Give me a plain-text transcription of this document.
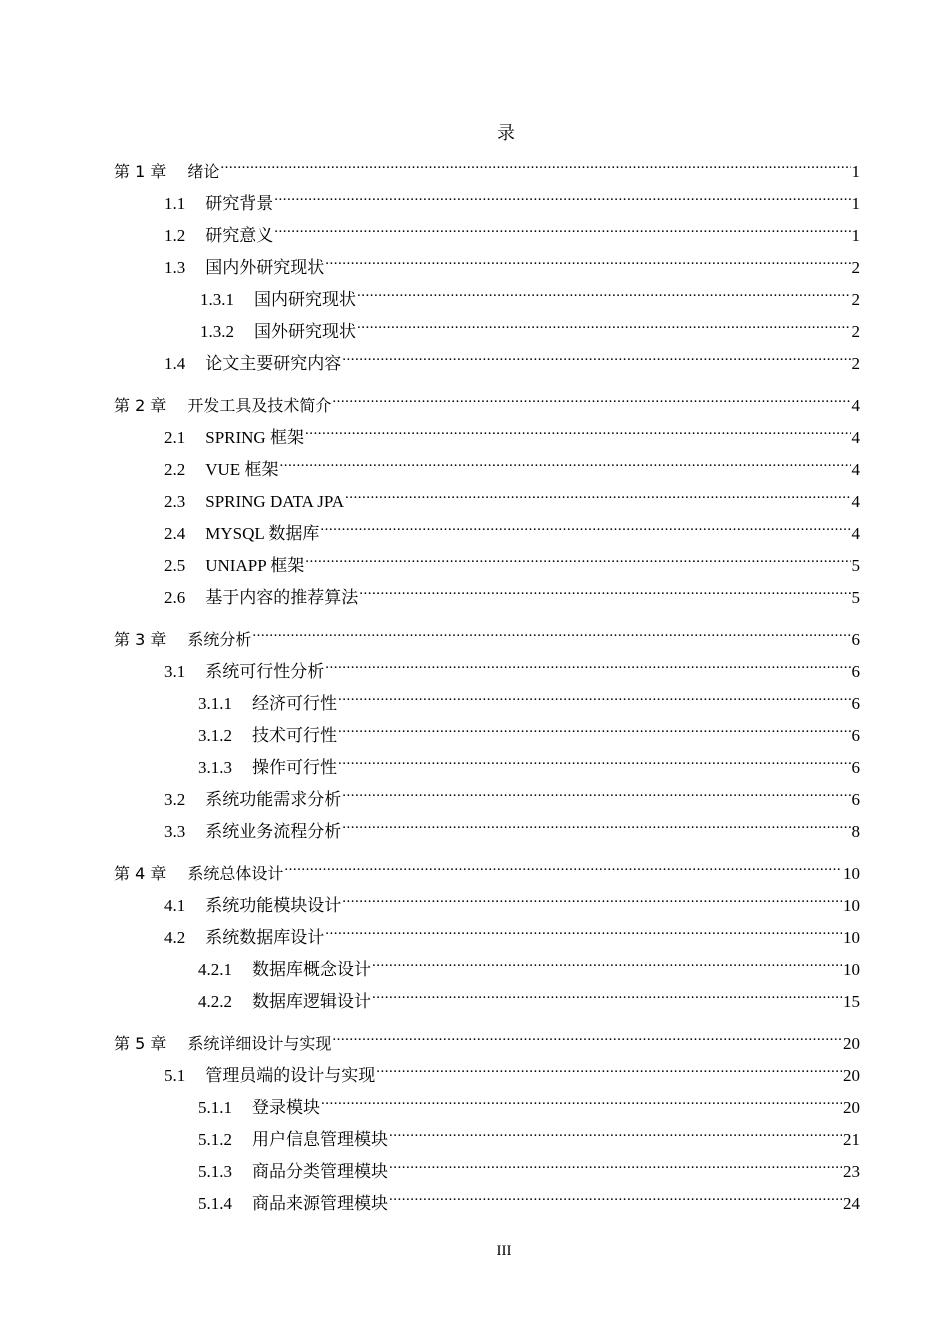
录
第 1 章 绪论 .....	1
1.1 研究背景 .....	1
1.2 研究意义 .....	1
1.3 国内外研究现状 .....	2
1.3.1 国内研究现状 .....	2
1.3.2 国外研究现状 .....	2
1.4 论文主要研究内容 .....	2
第 2 章 开发工具及技术简介 .....	4
2.1 SPRING 框架 .....	4
2.2 VUE 框架 .....	4
2.3 SPRING DATA JPA .....	4
2.4 MYSQL 数据库 .....	4
2.5 UNIAPP 框架 .....	5
2.6 基于内容的推荐算法 .....	5
第 3 章 系统分析 .....	6
3.1 系统可行性分析 .....	6
3.1.1 经济可行性 .....	6
3.1.2 技术可行性 .....	6
3.1.3 操作可行性 .....	6
3.2 系统功能需求分析 .....	6
3.3 系统业务流程分析 .....	8
第 4 章 系统总体设计 .....	10
4.1 系统功能模块设计 .....	10
4.2 系统数据库设计 .....	10
4.2.1 数据库概念设计 .....	10
4.2.2 数据库逻辑设计 .....	15
第 5 章 系统详细设计与实现 .....	20
5.1 管理员端的设计与实现 .....	20
5.1.1 登录模块 .....	20
5.1.2 用户信息管理模块 .....	21
5.1.3 商品分类管理模块 .....	23
5.1.4 商品来源管理模块 .....	24
III
